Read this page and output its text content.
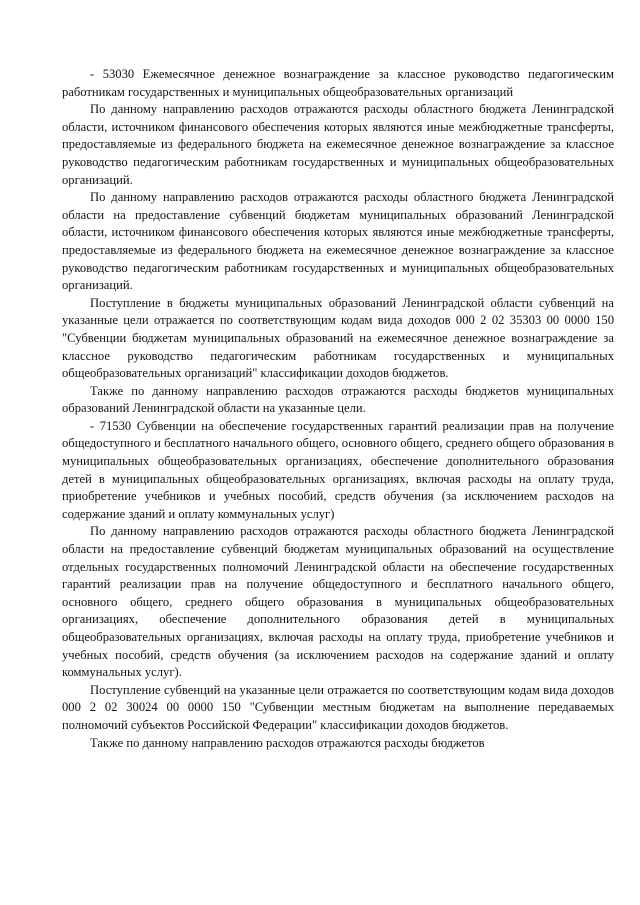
- 53030 Ежемесячное денежное вознаграждение за классное руководство педагогическим работникам государственных и муниципальных общеобразовательных организаций

По данному направлению расходов отражаются расходы областного бюджета Ленинградской области, источником финансового обеспечения которых являются иные межбюджетные трансферты, предоставляемые из федерального бюджета на ежемесячное денежное вознаграждение за классное руководство педагогическим работникам государственных и муниципальных общеобразовательных организаций.

По данному направлению расходов отражаются расходы областного бюджета Ленинградской области на предоставление субвенций бюджетам муниципальных образований Ленинградской области, источником финансового обеспечения которых являются иные межбюджетные трансферты, предоставляемые из федерального бюджета на ежемесячное денежное вознаграждение за классное руководство педагогическим работникам государственных и муниципальных общеобразовательных организаций.

Поступление в бюджеты муниципальных образований Ленинградской области субвенций на указанные цели отражается по соответствующим кодам вида доходов 000 2 02 35303 00 0000 150 "Субвенции бюджетам муниципальных образований на ежемесячное денежное вознаграждение за классное руководство педагогическим работникам государственных и муниципальных общеобразовательных организаций" классификации доходов бюджетов.

Также по данному направлению расходов отражаются расходы бюджетов муниципальных образований Ленинградской области на указанные цели.

- 71530 Субвенции на обеспечение государственных гарантий реализации прав на получение общедоступного и бесплатного начального общего, основного общего, среднего общего образования в муниципальных общеобразовательных организациях, обеспечение дополнительного образования детей в муниципальных общеобразовательных организациях, включая расходы на оплату труда, приобретение учебников и учебных пособий, средств обучения (за исключением расходов на содержание зданий и оплату коммунальных услуг)

По данному направлению расходов отражаются расходы областного бюджета Ленинградской области на предоставление субвенций бюджетам муниципальных образований на осуществление отдельных государственных полномочий Ленинградской области на обеспечение государственных гарантий реализации прав на получение общедоступного и бесплатного начального общего, основного общего, среднего общего образования в муниципальных общеобразовательных организациях, обеспечение дополнительного образования детей в муниципальных общеобразовательных организациях, включая расходы на оплату труда, приобретение учебников и учебных пособий, средств обучения (за исключением расходов на содержание зданий и оплату коммунальных услуг).

Поступление субвенций на указанные цели отражается по соответствующим кодам вида доходов 000 2 02 30024 00 0000 150 "Субвенции местным бюджетам на выполнение передаваемых полномочий субъектов Российской Федерации" классификации доходов бюджетов.

Также по данному направлению расходов отражаются расходы бюджетов
